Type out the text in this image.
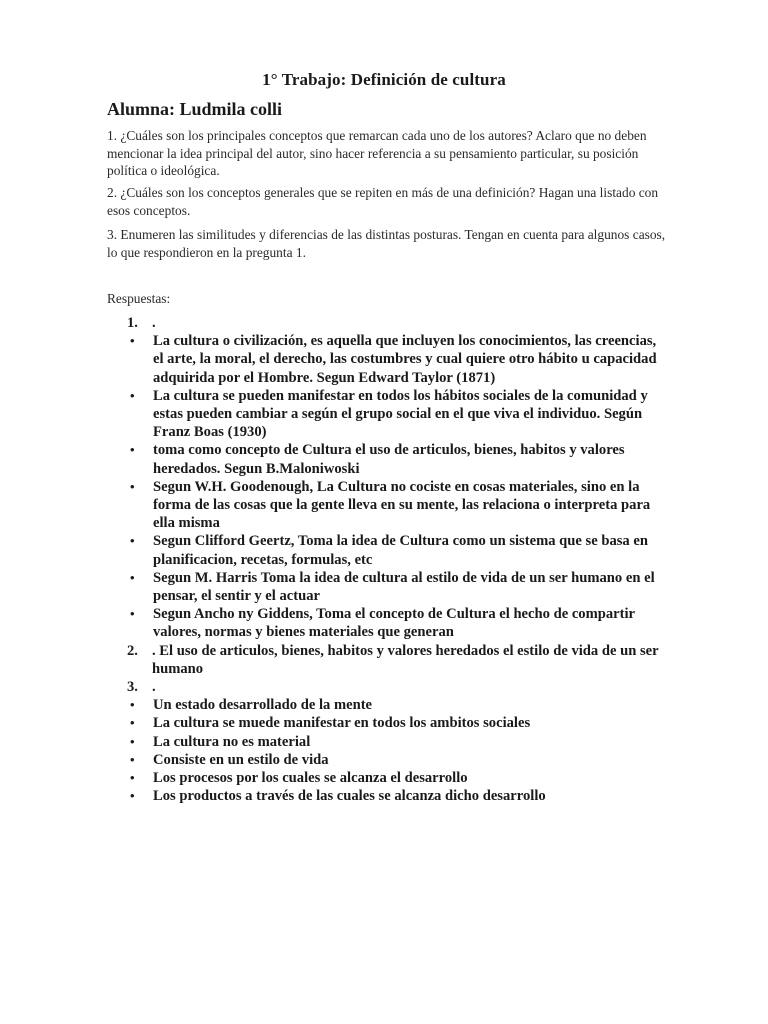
1° Trabajo: Definición de cultura
Alumna: Ludmila colli
1. ¿Cuáles son los principales conceptos que remarcan cada uno de los autores? Aclaro que no deben mencionar la idea principal del autor, sino hacer referencia a su pensamiento particular, su posición política o ideológica.
2. ¿Cuáles son los conceptos generales que se repiten en más de una definición? Hagan una listado con esos conceptos.
3. Enumeren las similitudes y diferencias de las distintas posturas. Tengan en cuenta para algunos casos, lo que respondieron en la pregunta 1.
Respuestas:
1. .
• La cultura o civilización, es aquella que incluyen los conocimientos, las creencias, el arte, la moral, el derecho, las costumbres y cual quiere otro hábito u capacidad adquirida por el Hombre. Segun Edward Taylor (1871)
• La cultura se pueden manifestar en todos los hábitos sociales de la comunidad y estas pueden cambiar a según el grupo social en el que viva el individuo. Según Franz Boas (1930)
• toma como concepto de Cultura el uso de articulos, bienes, habitos y valores heredados. Segun B.Maloniwoski
• Segun W.H. Goodenough, La Cultura no cociste en cosas materiales, sino en la forma de las cosas que la gente lleva en su mente, las relaciona o interpreta para ella misma
• Segun Clifford Geertz, Toma la idea de Cultura como un sistema que se basa en planificacion, recetas, formulas, etc
• Segun M. Harris Toma la idea de cultura al estilo de vida de un ser humano en el pensar, el sentir y el actuar
• Segun Ancho ny Giddens, Toma el concepto de Cultura el hecho de compartir valores, normas y bienes materiales que generan
2. . El uso de articulos, bienes, habitos y valores heredados el estilo de vida de un ser humano
3. .
• Un estado desarrollado de la mente
• La cultura se muede manifestar en todos los ambitos sociales
• La cultura no es material
• Consiste en un estilo de vida
• Los procesos por los cuales se alcanza el desarrollo
• Los productos a través de las cuales se alcanza dicho desarrollo
